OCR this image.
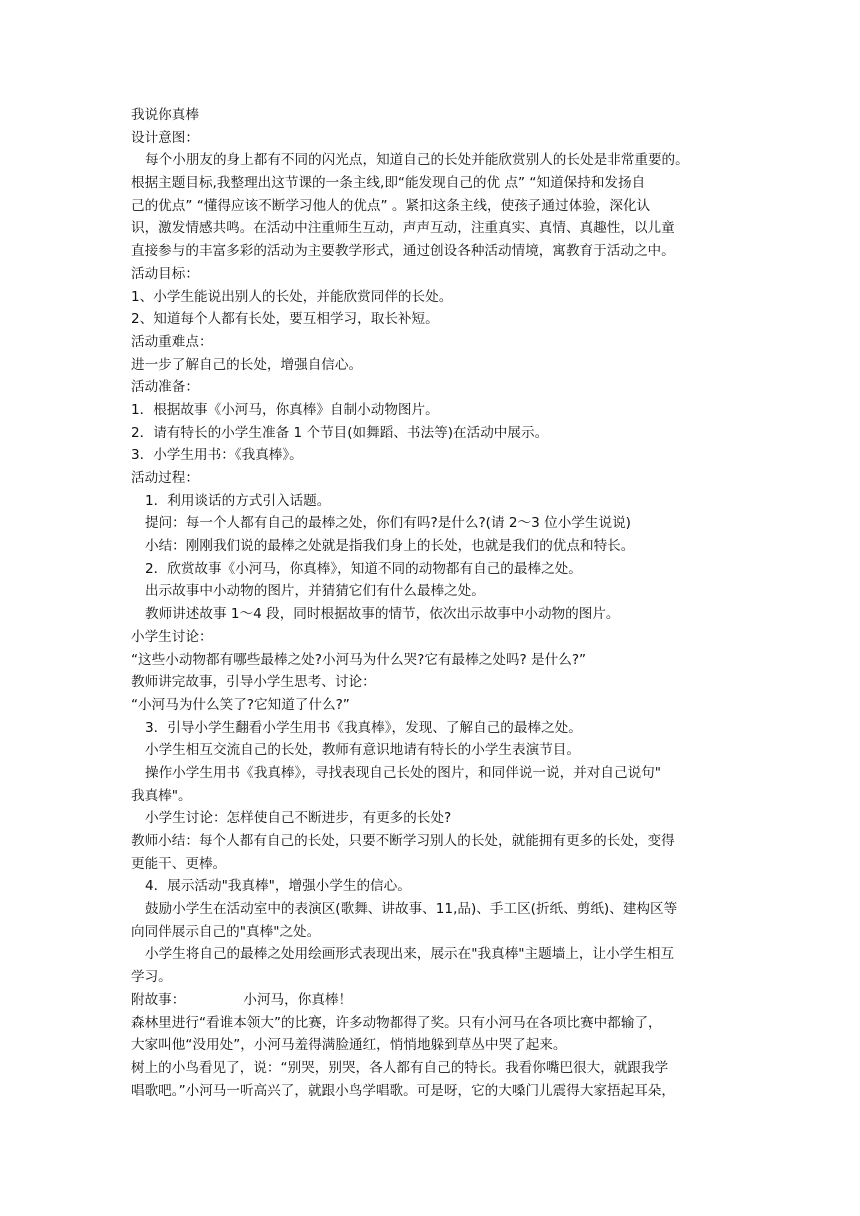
我说你真棒
设计意图：
每个小朋友的身上都有不同的闪光点，知道自己的长处并能欣赏别人的长处是非常重要的。
根据主题目标,我整理出这节课的一条主线,即“能发现自己的优 点” “知道保持和发扬自
己的优点” “懂得应该不断学习他人的优点” 。紧扣这条主线，使孩子通过体验，深化认
识，激发情感共鸣。在活动中注重师生互动，声声互动，注重真实、真情、真趣性，以儿童
直接参与的丰富多彩的活动为主要教学形式，通过创设各种活动情境，寓教育于活动之中。
活动目标：
1、小学生能说出别人的长处，并能欣赏同伴的长处。
2、知道每个人都有长处，要互相学习，取长补短。
活动重难点：
进一步了解自己的长处，增强自信心。
活动准备：
1．根据故事《小河马，你真棒》自制小动物图片。
2．请有特长的小学生准备 1 个节目(如舞蹈、书法等)在活动中展示。
3．小学生用书：《我真棒》。
活动过程：
1．利用谈话的方式引入话题。
提问：每一个人都有自己的最棒之处，你们有吗?是什么?(请 2～3 位小学生说说)
小结：刚刚我们说的最棒之处就是指我们身上的长处，也就是我们的优点和特长。
2．欣赏故事《小河马，你真棒》，知道不同的动物都有自己的最棒之处。
出示故事中小动物的图片，并猜猜它们有什么最棒之处。
教师讲述故事 1～4 段，同时根据故事的情节，依次出示故事中小动物的图片。
小学生讨论：
“这些小动物都有哪些最棒之处?小河马为什么哭?它有最棒之处吗? 是什么?”
教师讲完故事，引导小学生思考、讨论：
“小河马为什么笑了?它知道了什么?”
3．引导小学生翻看小学生用书《我真棒》，发现、了解自己的最棒之处。
小学生相互交流自己的长处，教师有意识地请有特长的小学生表演节目。
操作小学生用书《我真棒》，寻找表现自己长处的图片，和同伴说一说，并对自己说句"
我真棒"。
小学生讨论：怎样使自己不断进步，有更多的长处?
教师小结：每个人都有自己的长处，只要不断学习别人的长处，就能拥有更多的长处，变得
更能干、更棒。
4．展示活动"我真棒"，增强小学生的信心。
鼓励小学生在活动室中的表演区(歌舞、讲故事、11,品)、手工区(折纸、剪纸)、建构区等
向同伴展示自己的"真棒"之处。
小学生将自己的最棒之处用绘画形式表现出来，展示在"我真棒"主题墙上，让小学生相互
学习。
附故事：	小河马，你真棒！
森林里进行“看谁本领大”的比赛，许多动物都得了奖。只有小河马在各项比赛中都输了，
大家叫他“没用处”，小河马羞得满脸通红，悄悄地躲到草丛中哭了起来。
树上的小鸟看见了，说：“别哭，别哭，各人都有自己的特长。我看你嘴巴很大，就跟我学
唱歌吧。”小河马一听高兴了，就跟小鸟学唱歌。可是呀，它的大嗓门儿震得大家捂起耳朵，
